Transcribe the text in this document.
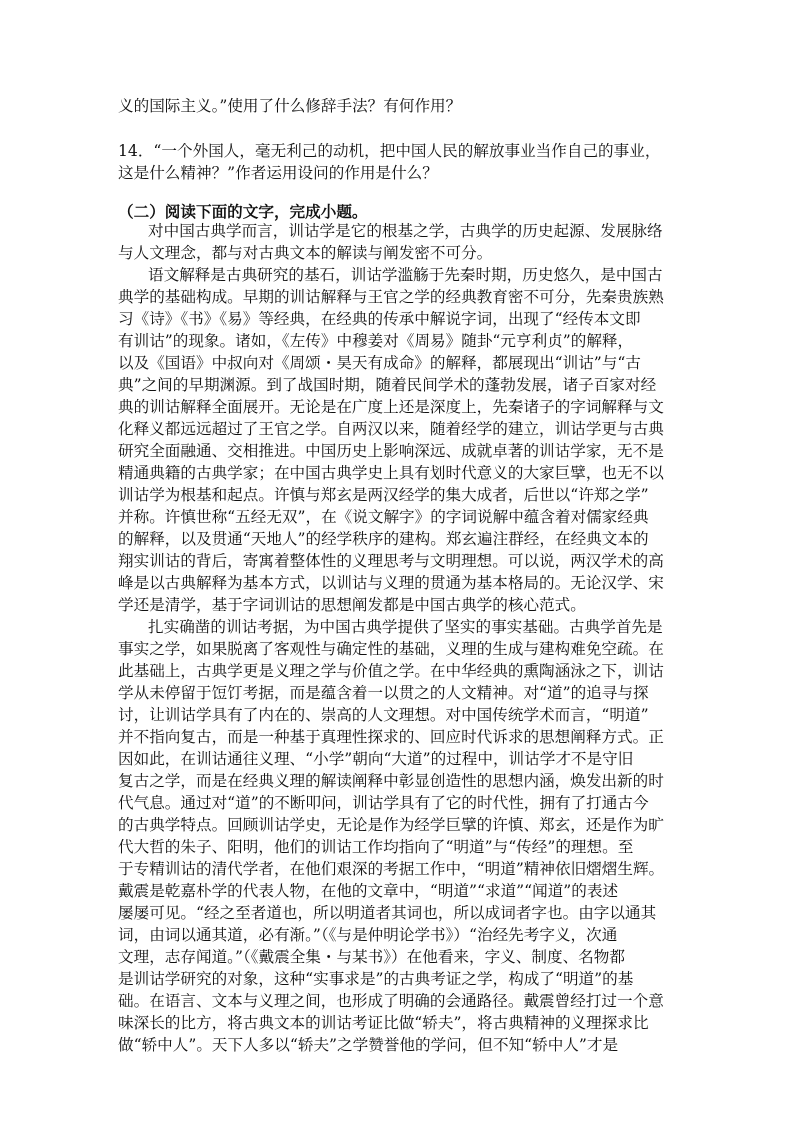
义的国际主义。”使用了什么修辞手法？有何作用？
14．“一个外国人，毫无利己的动机，把中国人民的解放事业当作自己的事业，
这是什么精神？”作者运用设问的作用是什么？
（二）阅读下面的文字，完成小题。
对中国古典学而言，训诂学是它的根基之学，古典学的历史起源、发展脉络
与人文理念，都与对古典文本的解读与阐发密不可分。
语文解释是古典研究的基石，训诂学滥觞于先秦时期，历史悠久，是中国古
典学的基础构成。早期的训诂解释与王官之学的经典教育密不可分，先秦贵族熟
习《诗》《书》《易》等经典，在经典的传承中解说字词，出现了“经传本文即
有训诂”的现象。诸如，《左传》中穆姜对《周易》随卦“元亨利贞”的解释，
以及《国语》中叔向对《周颂・昊天有成命》的解释，都展现出“训诂”与“古
典”之间的早期渊源。到了战国时期，随着民间学术的蓬勃发展，诸子百家对经
典的训诂解释全面展开。无论是在广度上还是深度上，先秦诸子的字词解释与文
化释义都远远超过了王官之学。自两汉以来，随着经学的建立，训诂学更与古典
研究全面融通、交相推进。中国历史上影响深远、成就卓著的训诂学家，无不是
精通典籍的古典学家；在中国古典学史上具有划时代意义的大家巨擘，也无不以
训诂学为根基和起点。许慎与郑玄是两汉经学的集大成者，后世以“许郑之学”
并称。许慎世称“五经无双”，在《说文解字》的字词说解中蕴含着对儒家经典
的解释，以及贯通“天地人”的经学秩序的建构。郑玄遍注群经，在经典文本的
翔实训诂的背后，寄寓着整体性的义理思考与文明理想。可以说，两汉学术的高
峰是以古典解释为基本方式，以训诂与义理的贯通为基本格局的。无论汉学、宋
学还是清学，基于字词训诂的思想阐发都是中国古典学的核心范式。
扎实确凿的训诂考据，为中国古典学提供了坚实的事实基础。古典学首先是
事实之学，如果脱离了客观性与确定性的基础，义理的生成与建构难免空疏。在
此基础上，古典学更是义理之学与价值之学。在中华经典的熏陶涵泳之下，训诂
学从未停留于饾饤考据，而是蕴含着一以贯之的人文精神。对“道”的追寻与探
讨，让训诂学具有了内在的、崇高的人文理想。对中国传统学术而言，“明道”
并不指向复古，而是一种基于真理性探求的、回应时代诉求的思想阐释方式。正
因如此，在训诂通往义理、“小学”朝向“大道”的过程中，训诂学才不是守旧
复古之学，而是在经典义理的解读阐释中彰显创造性的思想内涵，焕发出新的时
代气息。通过对“道”的不断叩问，训诂学具有了它的时代性，拥有了打通古今
的古典学特点。回顾训诂学史，无论是作为经学巨擘的许慎、郑玄，还是作为旷
代大哲的朱子、阳明，他们的训诂工作均指向了“明道”与“传经”的理想。至
于专精训诂的清代学者，在他们艰深的考据工作中，“明道”精神依旧熠熠生辉。
戴震是乾嘉朴学的代表人物，在他的文章中，“明道”“求道”“闻道”的表述
屡屡可见。“经之至者道也，所以明道者其词也，所以成词者字也。由字以通其
词，由词以通其道，必有渐。”（《与是仲明论学书》）“治经先考字义，次通
文理，志存闻道。”（《戴震全集・与某书》）在他看来，字义、制度、名物都
是训诂学研究的对象，这种“实事求是”的古典考证之学，构成了“明道”的基
础。在语言、文本与义理之间，也形成了明确的会通路径。戴震曾经打过一个意
味深长的比方，将古典文本的训诂考证比做“轿夫”，将古典精神的义理探求比
做“轿中人”。天下人多以“轿夫”之学赞誉他的学问，但不知“轿中人”才是
